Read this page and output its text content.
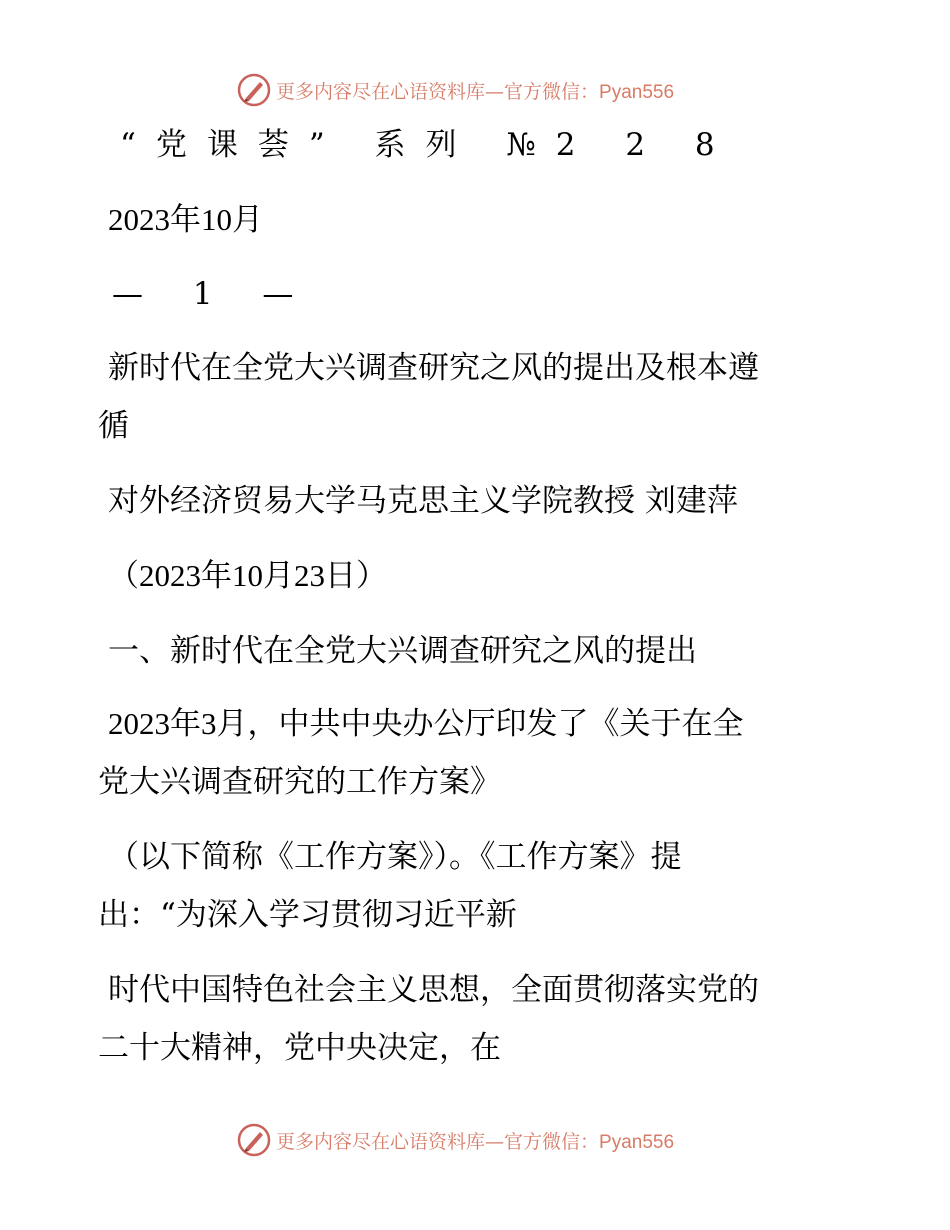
更多内容尽在心语资料库—官方微信：Pyan556
“党课荟” 系列 №2 2 8
2023年10月
— 1 —
新时代在全党大兴调查研究之风的提出及根本遵
循
对外经济贸易大学马克思主义学院教授 刘建萍
（2023年10月23日）
一、新时代在全党大兴调查研究之风的提出
2023年3月，中共中央办公厅印发了《关于在全
党大兴调查研究的工作方案》
（以下简称《工作方案》）。《工作方案》提
出：“为深入学习贯彻习近平新
时代中国特色社会主义思想，全面贯彻落实党的
二十大精神，党中央决定，在
更多内容尽在心语资料库—官方微信：Pyan556
